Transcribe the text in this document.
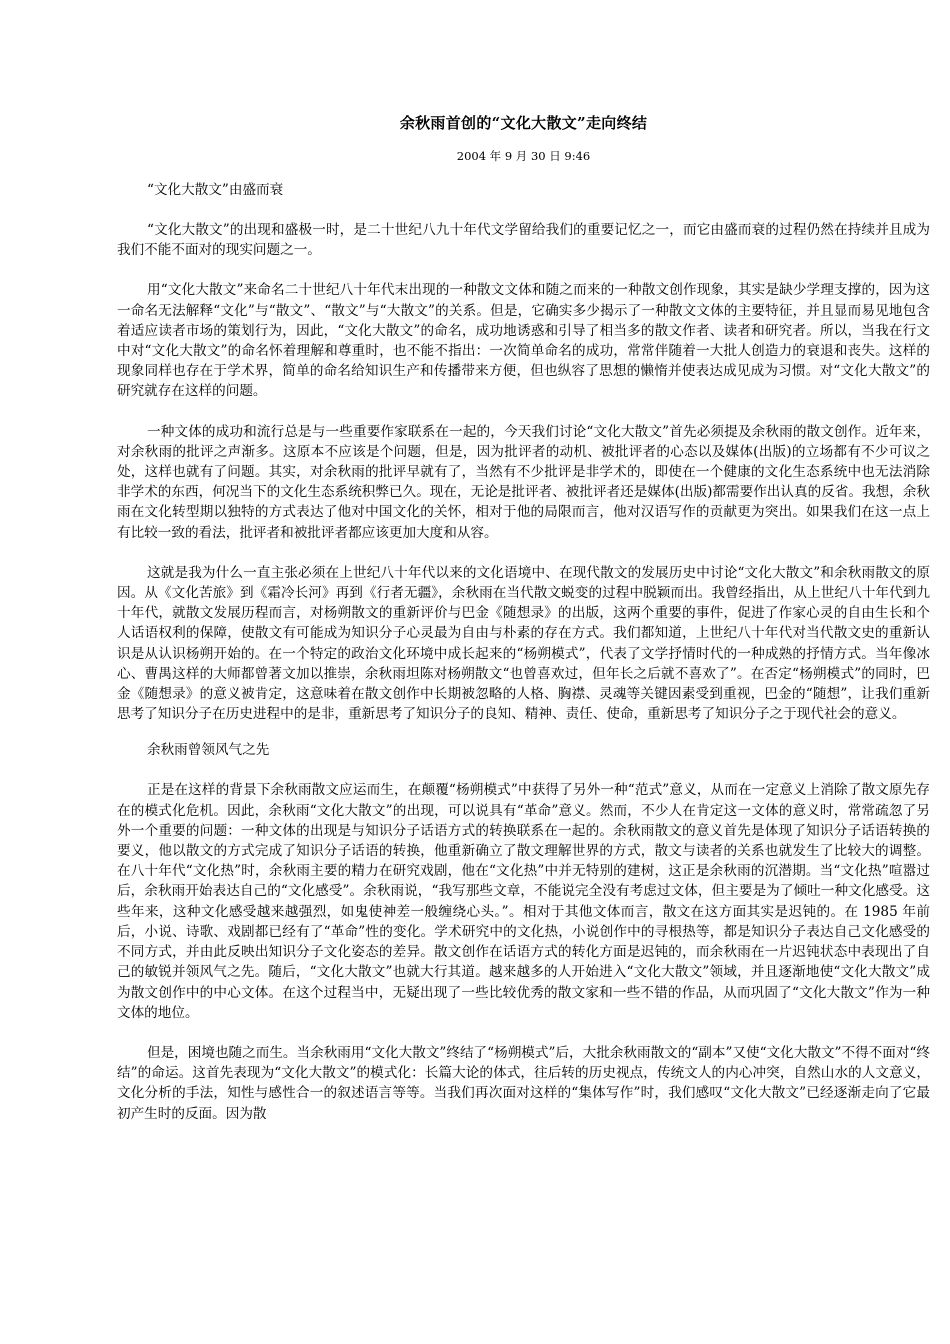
余秋雨首创的“文化大散文”走向终结
2004 年 9 月 30 日 9:46
“文化大散文”由盛而衰

“文化大散文”的出现和盛极一时，是二十世纪八九十年代文学留给我们的重要记忆之一，而它由盛而衰的过程仍然在持续并且成为我们不能不面对的现实问题之一。

用“文化大散文”来命名二十世纪八十年代末出现的一种散文文体和随之而来的一种散文创作现象，其实是缺少学理支撑的，因为这一命名无法解释“文化”与“散文”、“散文”与“大散文”的关系。但是，它确实多少揭示了一种散文文体的主要特征，并且显而易见地包含着适应读者市场的策划行为，因此，“文化大散文”的命名，成功地诱惑和引导了相当多的散文作者、读者和研究者。所以，当我在行文中对“文化大散文”的命名怀着理解和尊重时，也不能不指出：一次简单命名的成功，常常伴随着一大批人创造力的衰退和丧失。这样的现象同样也存在于学术界，简单的命名给知识生产和传播带来方便，但也纵容了思想的懒惰并使表达成见成为习惯。对“文化大散文”的研究就存在这样的问题。

一种文体的成功和流行总是与一些重要作家联系在一起的，今天我们讨论“文化大散文”首先必须提及余秋雨的散文创作。近年来，对余秋雨的批评之声渐多。这原本不应该是个问题，但是，因为批评者的动机、被批评者的心态以及媒体(出版)的立场都有不少可议之处，这样也就有了问题。其实，对余秋雨的批评早就有了，当然有不少批评是非学术的，即使在一个健康的文化生态系统中也无法消除非学术的东西，何况当下的文化生态系统积弊已久。现在，无论是批评者、被批评者还是媒体(出版)都需要作出认真的反省。我想，余秋雨在文化转型期以独特的方式表达了他对中国文化的关怀，相对于他的局限而言，他对汉语写作的贡献更为突出。如果我们在这一点上有比较一致的看法，批评者和被批评者都应该更加大度和从容。

这就是我为什么一直主张必须在上世纪八十年代以来的文化语境中、在现代散文的发展历史中讨论“文化大散文”和余秋雨散文的原因。从《文化苦旅》到《霜冷长河》再到《行者无疆》，余秋雨在当代散文蜕变的过程中脱颖而出。我曾经指出，从上世纪八十年代到九十年代，就散文发展历程而言，对杨朔散文的重新评价与巴金《随想录》的出版，这两个重要的事件，促进了作家心灵的自由生长和个人话语权利的保障，使散文有可能成为知识分子心灵最为自由与朴素的存在方式。我们都知道，上世纪八十年代对当代散文史的重新认识是从认识杨朔开始的。在一个特定的政治文化环境中成长起来的“杨朔模式”，代表了文学抒情时代的一种成熟的抒情方式。当年像冰心、曹禺这样的大师都曾著文加以推崇，余秋雨坦陈对杨朔散文“也曾喜欢过，但年长之后就不喜欢了”。在否定“杨朔模式”的同时，巴金《随想录》的意义被肯定，这意味着在散文创作中长期被忽略的人格、胸襟、灵魂等关键因素受到重视，巴金的“随想”，让我们重新思考了知识分子在历史进程中的是非，重新思考了知识分子的良知、精神、责任、使命，重新思考了知识分子之于现代社会的意义。

余秋雨曾领风气之先

正是在这样的背景下余秋雨散文应运而生，在颠覆“杨朔模式”中获得了另外一种“范式”意义，从而在一定意义上消除了散文原先存在的模式化危机。因此，余秋雨“文化大散文”的出现，可以说具有“革命”意义。然而，不少人在肯定这一文体的意义时，常常疏忽了另外一个重要的问题：一种文体的出现是与知识分子话语方式的转换联系在一起的。余秋雨散文的意义首先是体现了知识分子话语转换的要义，他以散文的方式完成了知识分子话语的转换，他重新确立了散文理解世界的方式，散文与读者的关系也就发生了比较大的调整。在八十年代“文化热”时，余秋雨主要的精力在研究戏剧，他在“文化热”中并无特别的建树，这正是余秋雨的沉潜期。当“文化热”喧嚣过后，余秋雨开始表达自己的“文化感受”。余秋雨说，“我写那些文章，不能说完全没有考虑过文体，但主要是为了倾吐一种文化感受。这些年来，这种文化感受越来越强烈，如鬼使神差一般缠绕心头。”。相对于其他文体而言，散文在这方面其实是迟钝的。在 1985 年前后，小说、诗歌、戏剧都已经有了“革命”性的变化。学术研究中的文化热，小说创作中的寻根热等，都是知识分子表达自己文化感受的不同方式，并由此反映出知识分子文化姿态的差异。散文创作在话语方式的转化方面是迟钝的，而余秋雨在一片迟钝状态中表现出了自己的敏锐并领风气之先。随后，“文化大散文”也就大行其道。越来越多的人开始进入“文化大散文”领域，并且逐渐地使“文化大散文”成为散文创作中的中心文体。在这个过程当中，无疑出现了一些比较优秀的散文家和一些不错的作品，从而巩固了“文化大散文”作为一种文体的地位。

但是，困境也随之而生。当余秋雨用“文化大散文”终结了“杨朔模式”后，大批余秋雨散文的“副本”又使“文化大散文”不得不面对“终结”的命运。这首先表现为“文化大散文”的模式化：长篇大论的体式，往后转的历史视点，传统文人的内心冲突，自然山水的人文意义，文化分析的手法，知性与感性合一的叙述语言等等。当我们再次面对这样的“集体写作”时，我们感叹“文化大散文”已经逐渐走向了它最初产生时的反面。因为散
